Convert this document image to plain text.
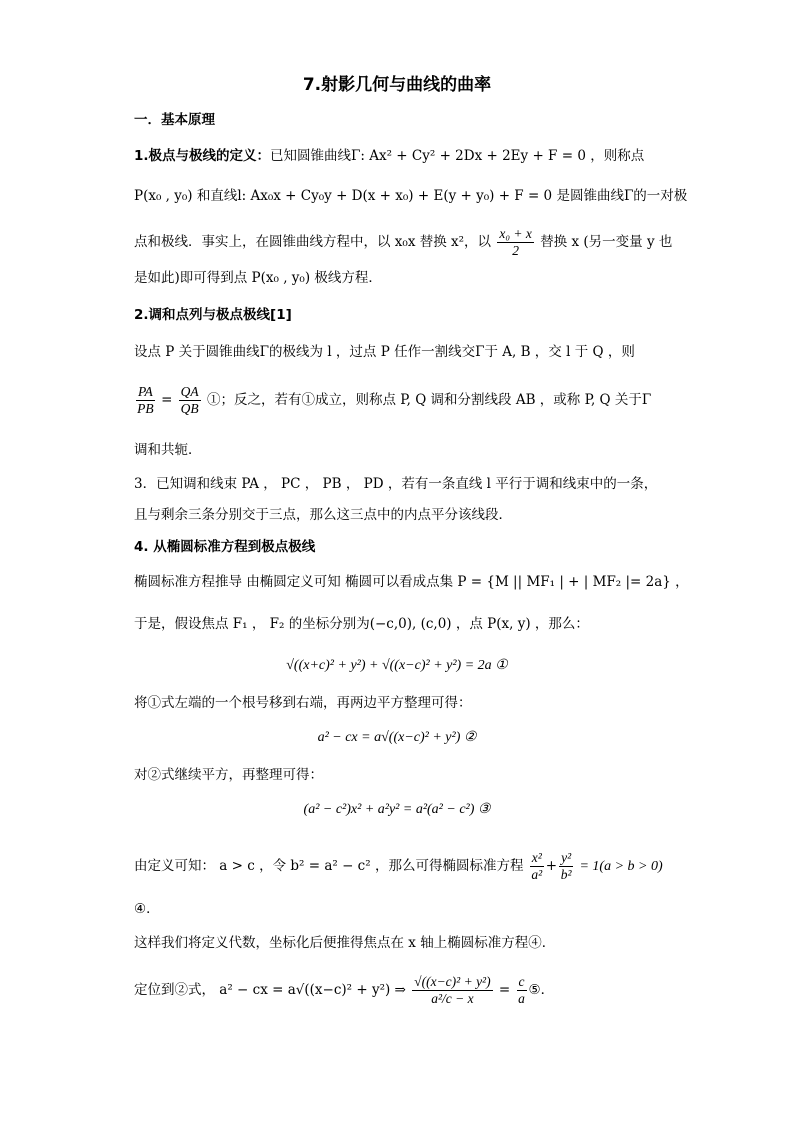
7.射影几何与曲线的曲率
一．基本原理
1.极点与极线的定义：已知圆锥曲线Γ: Ax² + Cy² + 2Dx + 2Ey + F = 0 ，则称点
P(x₀ , y₀) 和直线l: Ax₀x + Cy₀y + D(x + x₀) + E(y + y₀) + F = 0 是圆锥曲线Γ的一对极
点和极线．事实上，在圆锥曲线方程中，以 x₀x 替换 x²，以 $\frac{\text{x₀ + x}}{2}$ 替换 x (另一变量 y 也
是如此)即可得到点 P(x₀ , y₀) 极线方程．
2.调和点列与极点极线[1]
设点 P 关于圆锥曲线Γ的极线为 l ，过点 P 任作一割线交Γ于 A, B ，交 l 于 Q ，则
$\frac{PA}{PB} = \frac{QA}{QB}$ ①；反之，若有①成立，则称点 P, Q 调和分割线段 AB ，或称 P, Q 关于Γ
调和共轭．
3．已知调和线束 PA ， PC ， PB ， PD ，若有一条直线 l 平行于调和线束中的一条，
且与剩余三条分别交于三点，那么这三点中的内点平分该线段．
4. 从椭圆标准方程到极点极线
椭圆标准方程推导 由椭圆定义可知 椭圆可以看成点集 P = {M || MF₁ | + | MF₂ |= 2a} ，
于是，假设焦点 F₁ ， F₂ 的坐标分别为(−c,0), (c,0) ，点 P(x, y) ，那么：
√((x+c)² + y²) + √((x−c)² + y²) = 2a ①
将①式左端的一个根号移到右端，再两边平方整理可得：
a² − cx = a√((x−c)² + y²) ②
对②式继续平方，再整理可得：
(a² − c²)x² + a²y² = a²(a² − c²) ③
由定义可知： a > c ，令 b² = a² − c² ，那么可得椭圆标准方程 $\frac{\text{x²}}{\text{a²}} + \frac{\text{y²}}{\text{b²}} = 1(a > b > 0)$
④．
这样我们将定义代数，坐标化后便推得焦点在 x 轴上椭圆标准方程④．
定位到②式， a² − cx = a√((x−c)² + y²) ⇒ $\frac{\text{√((x−c)² + y²)}}{\text{a²/c − x}} = \frac{c}{a}$ ⑤．
